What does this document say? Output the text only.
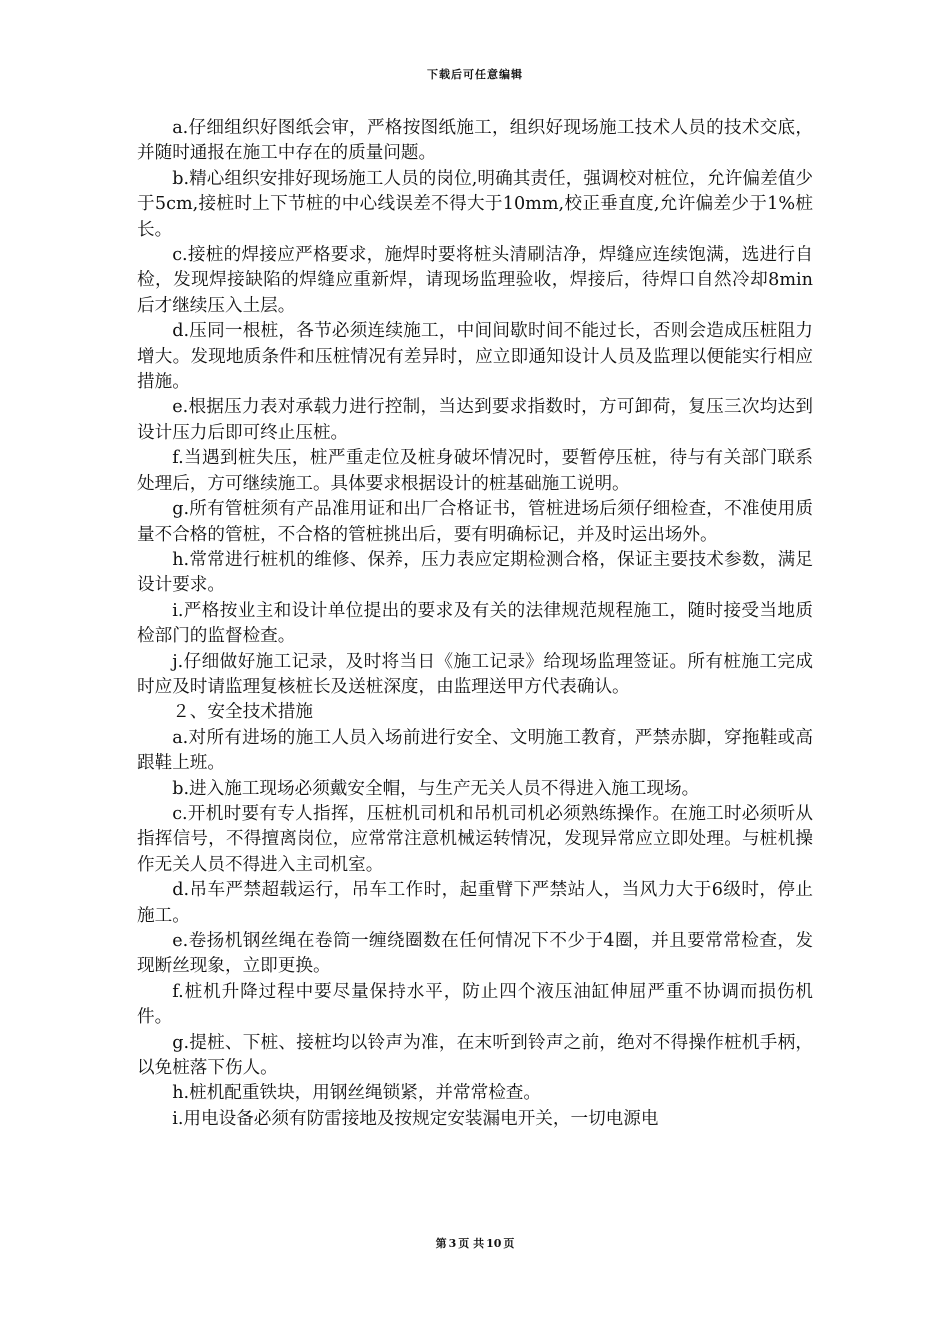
下载后可任意编辑

a.仔细组织好图纸会审，严格按图纸施工，组织好现场施工技术人员的技术交底，并随时通报在施工中存在的质量问题。

b.精心组织安排好现场施工人员的岗位,明确其责任，强调校对桩位，允许偏差值少于5cm,接桩时上下节桩的中心线误差不得大于10mm,校正垂直度,允许偏差少于1%桩长。

c.接桩的焊接应严格要求，施焊时要将桩头清刷洁净，焊缝应连续饱满，选进行自检，发现焊接缺陷的焊缝应重新焊，请现场监理验收，焊接后，待焊口自然冷却8min后才继续压入土层。

d.压同一根桩，各节必须连续施工，中间间歇时间不能过长，否则会造成压桩阻力增大。发现地质条件和压桩情况有差异时，应立即通知设计人员及监理以便能实行相应措施。

e.根据压力表对承载力进行控制，当达到要求指数时，方可卸荷，复压三次均达到设计压力后即可终止压桩。

f.当遇到桩失压，桩严重走位及桩身破坏情况时，要暂停压桩，待与有关部门联系处理后，方可继续施工。具体要求根据设计的桩基础施工说明。

g.所有管桩须有产品准用证和出厂合格证书，管桩进场后须仔细检查，不准使用质量不合格的管桩，不合格的管桩挑出后，要有明确标记，并及时运出场外。

h.常常进行桩机的维修、保养，压力表应定期检测合格，保证主要技术参数，满足设计要求。

i.严格按业主和设计单位提出的要求及有关的法律规范规程施工，随时接受当地质检部门的监督检查。

j.仔细做好施工记录，及时将当日《施工记录》给现场监理签证。所有桩施工完成时应及时请监理复核桩长及送桩深度，由监理送甲方代表确认。

２、安全技术措施

a.对所有进场的施工人员入场前进行安全、文明施工教育，严禁赤脚，穿拖鞋或高跟鞋上班。

b.进入施工现场必须戴安全帽，与生产无关人员不得进入施工现场。

c.开机时要有专人指挥，压桩机司机和吊机司机必须熟练操作。在施工时必须听从指挥信号，不得擅离岗位，应常常注意机械运转情况，发现异常应立即处理。与桩机操作无关人员不得进入主司机室。

d.吊车严禁超载运行，吊车工作时，起重臂下严禁站人，当风力大于6级时，停止施工。

e.卷扬机钢丝绳在卷筒一缠绕圈数在任何情况下不少于4圈，并且要常常检查，发现断丝现象，立即更换。

f.桩机升降过程中要尽量保持水平，防止四个液压油缸伸屈严重不协调而损伤机件。

g.提桩、下桩、接桩均以铃声为准，在末听到铃声之前，绝对不得操作桩机手柄，以免桩落下伤人。

h.桩机配重铁块，用钢丝绳锁紧，并常常检查。

i.用电设备必须有防雷接地及按规定安装漏电开关，一切电源电

第 3 页 共 10 页
